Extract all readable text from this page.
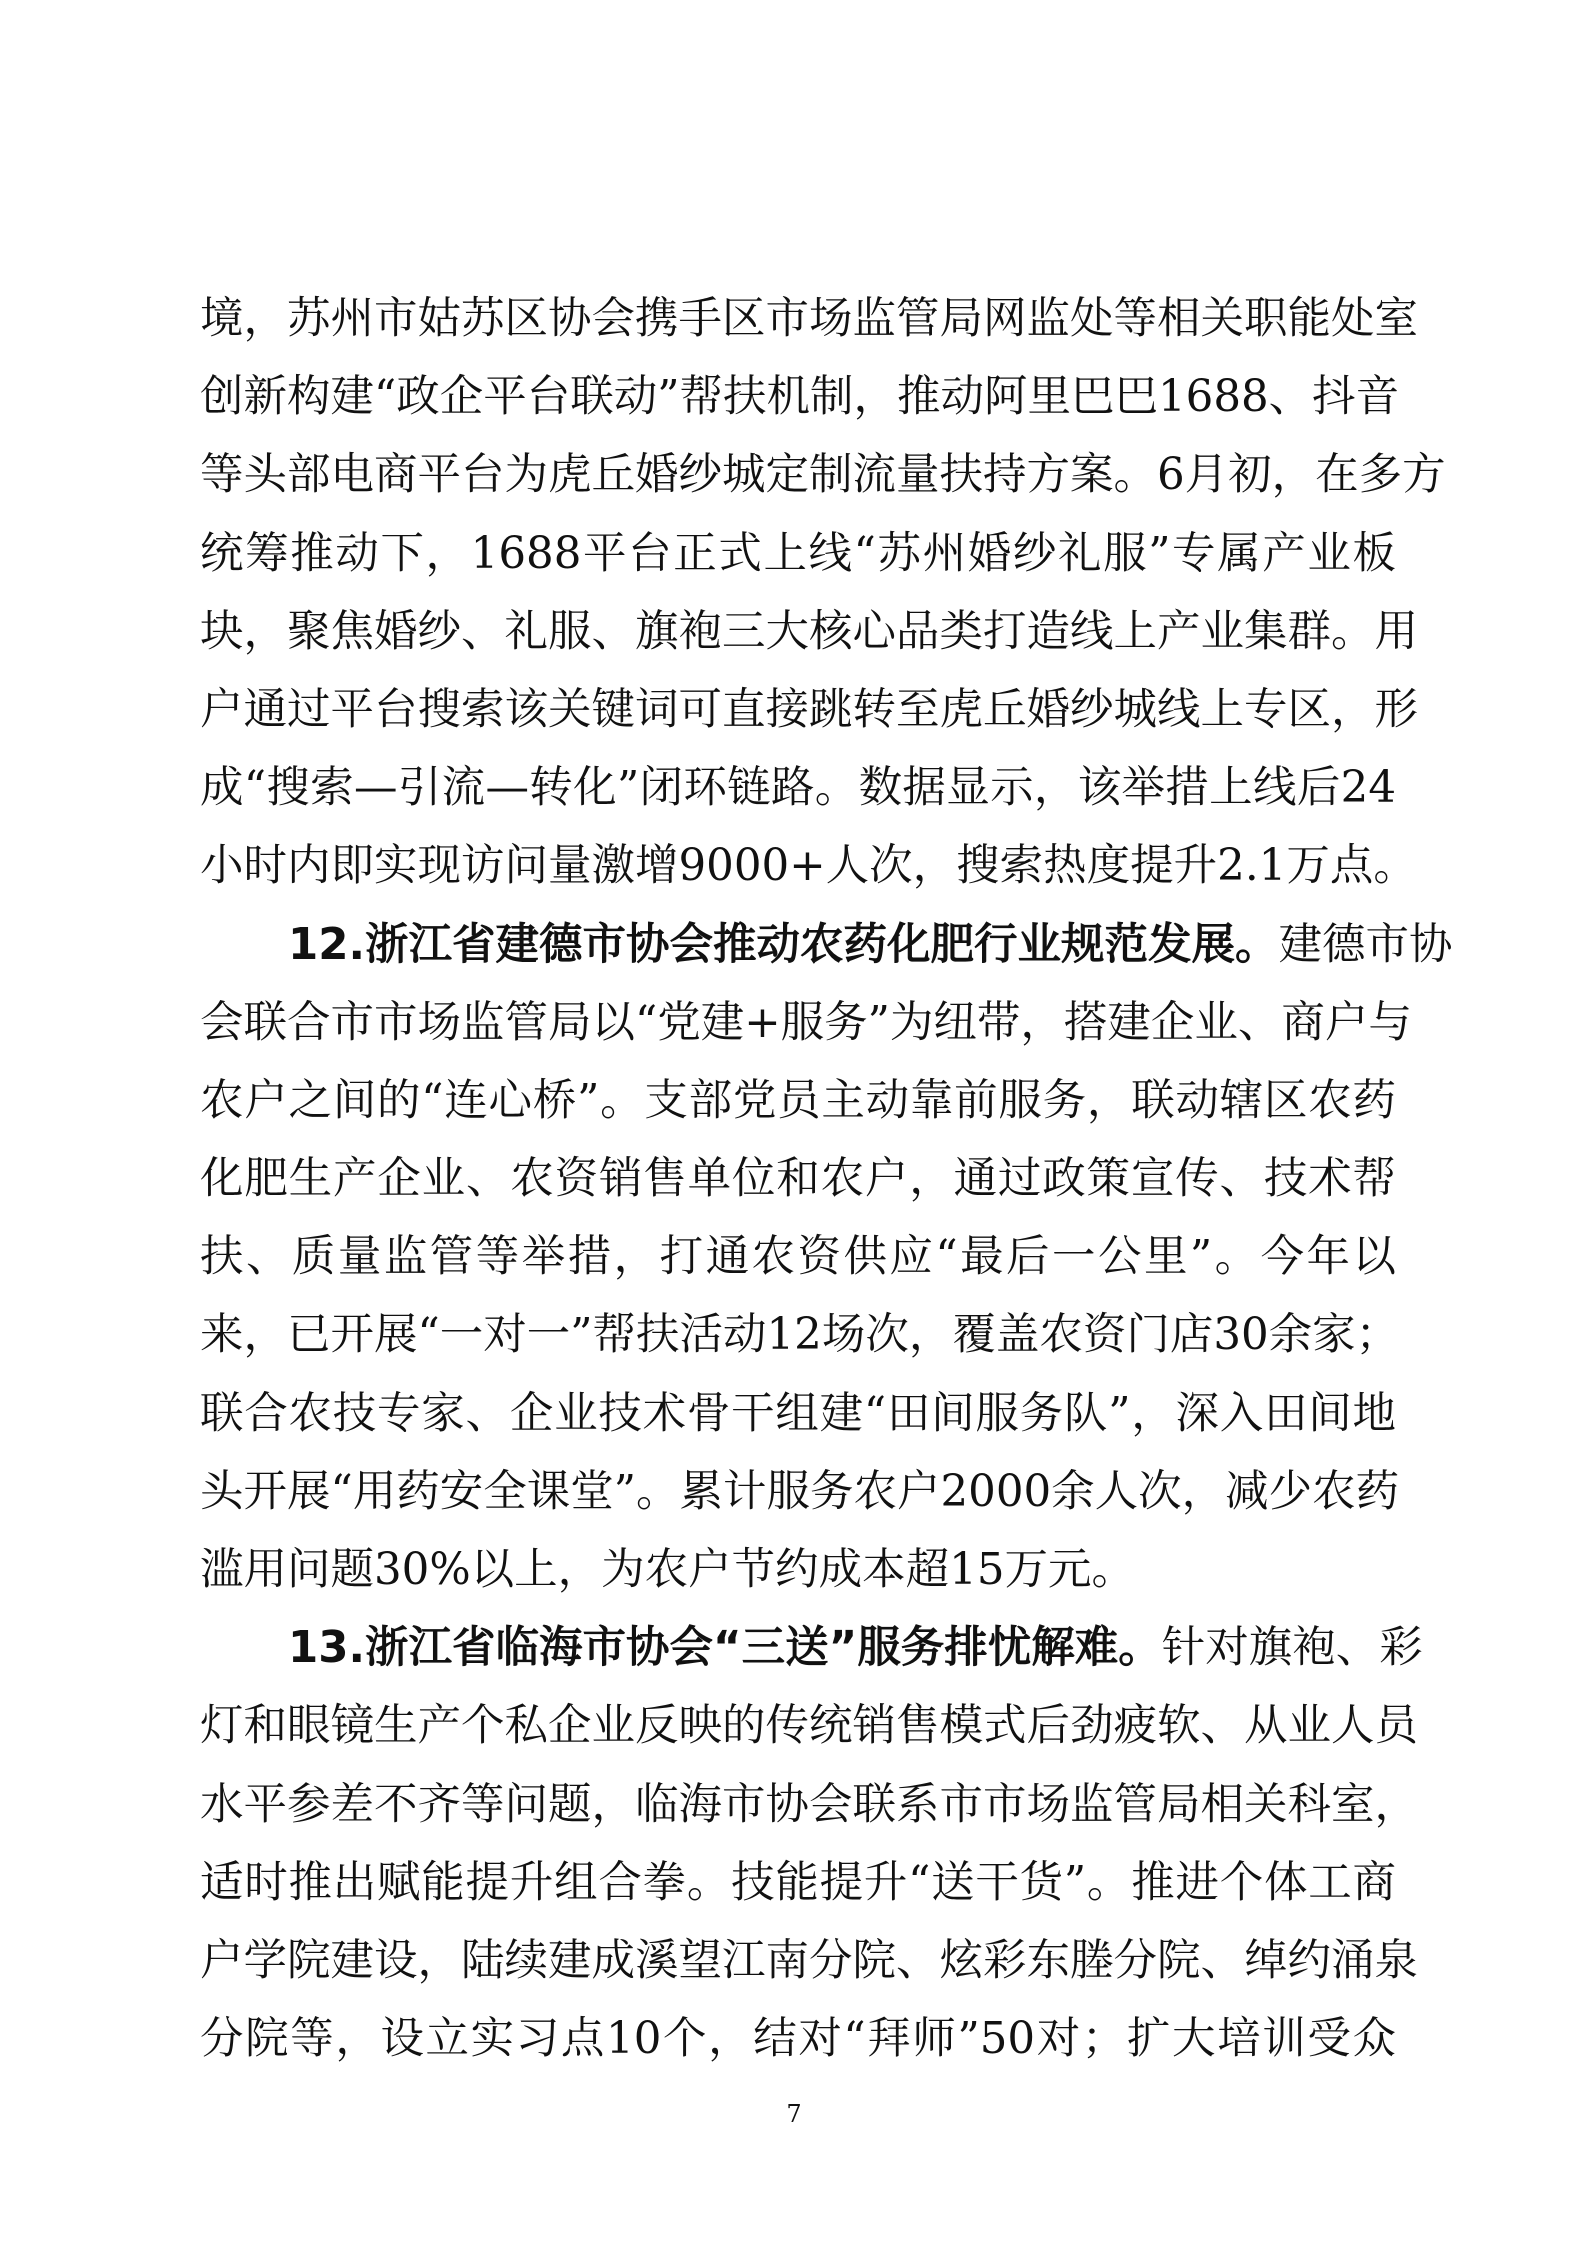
境，苏州市姑苏区协会携手区市场监管局网监处等相关职能处室
创新构建“政企平台联动”帮扶机制，推动阿里巴巴1688、抖音
等头部电商平台为虎丘婚纱城定制流量扶持方案。6月初，在多方
统筹推动下，1688平台正式上线“苏州婚纱礼服”专属产业板
块，聚焦婚纱、礼服、旗袍三大核心品类打造线上产业集群。用
户通过平台搜索该关键词可直接跳转至虎丘婚纱城线上专区，形
成“搜索—引流—转化”闭环链路。数据显示，该举措上线后24
小时内即实现访问量激增9000+人次，搜索热度提升2.1万点。
12.浙江省建德市协会推动农药化肥行业规范发展。建德市协
会联合市市场监管局以“党建+服务”为纽带，搭建企业、商户与
农户之间的“连心桥”。支部党员主动靠前服务，联动辖区农药
化肥生产企业、农资销售单位和农户，通过政策宣传、技术帮
扶、质量监管等举措，打通农资供应“最后一公里”。今年以
来，已开展“一对一”帮扶活动12场次，覆盖农资门店30余家；
联合农技专家、企业技术骨干组建“田间服务队”，深入田间地
头开展“用药安全课堂”。累计服务农户2000余人次，减少农药
滥用问题30%以上，为农户节约成本超15万元。
13.浙江省临海市协会“三送”服务排忧解难。针对旗袍、彩
灯和眼镜生产个私企业反映的传统销售模式后劲疲软、从业人员
水平参差不齐等问题，临海市协会联系市市场监管局相关科室，
适时推出赋能提升组合拳。技能提升“送干货”。推进个体工商
户学院建设，陆续建成溪望江南分院、炫彩东塍分院、绰约涌泉
分院等，设立实习点10个，结对“拜师”50对；扩大培训受众
7
